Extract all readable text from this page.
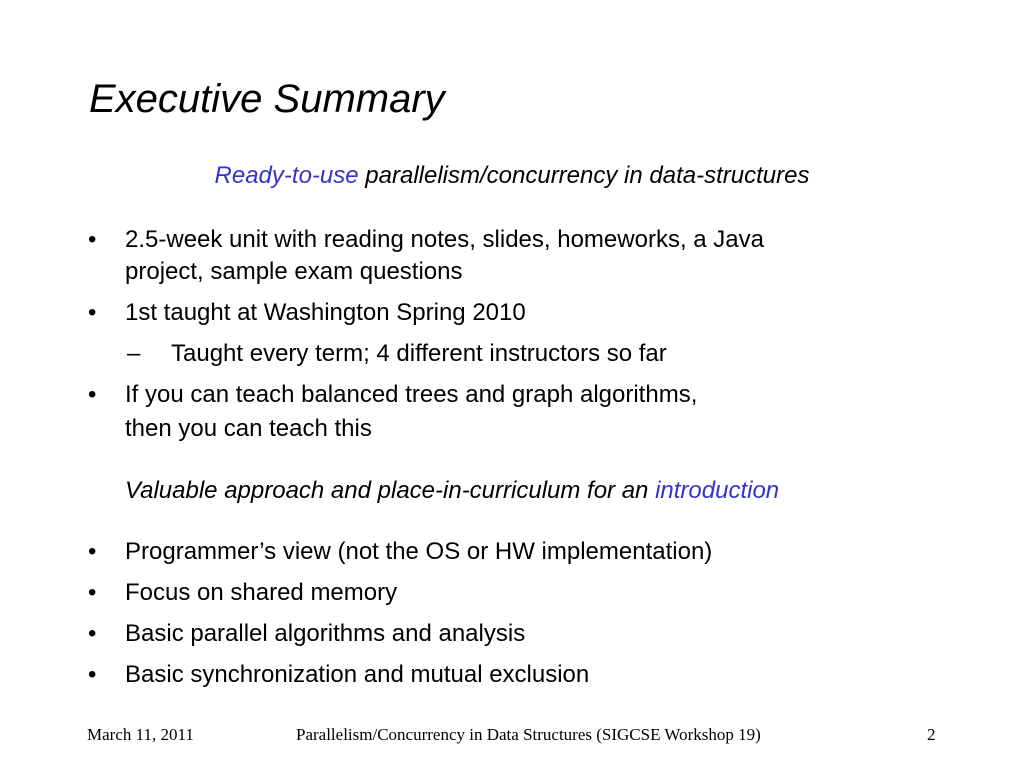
Executive Summary
Ready-to-use parallelism/concurrency in data-structures
• 2.5-week unit with reading notes, slides, homeworks, a Java
project, sample exam questions
• 1st taught at Washington Spring 2010
– Taught every term; 4 different instructors so far
• If you can teach balanced trees and graph algorithms,
then you can teach this
Valuable approach and place-in-curriculum for an introduction
• Programmer’s view (not the OS or HW implementation)
• Focus on shared memory
• Basic parallel algorithms and analysis
• Basic synchronization and mutual exclusion
March 11, 2011	Parallelism/Concurrency in Data Structures (SIGCSE Workshop 19)	2
